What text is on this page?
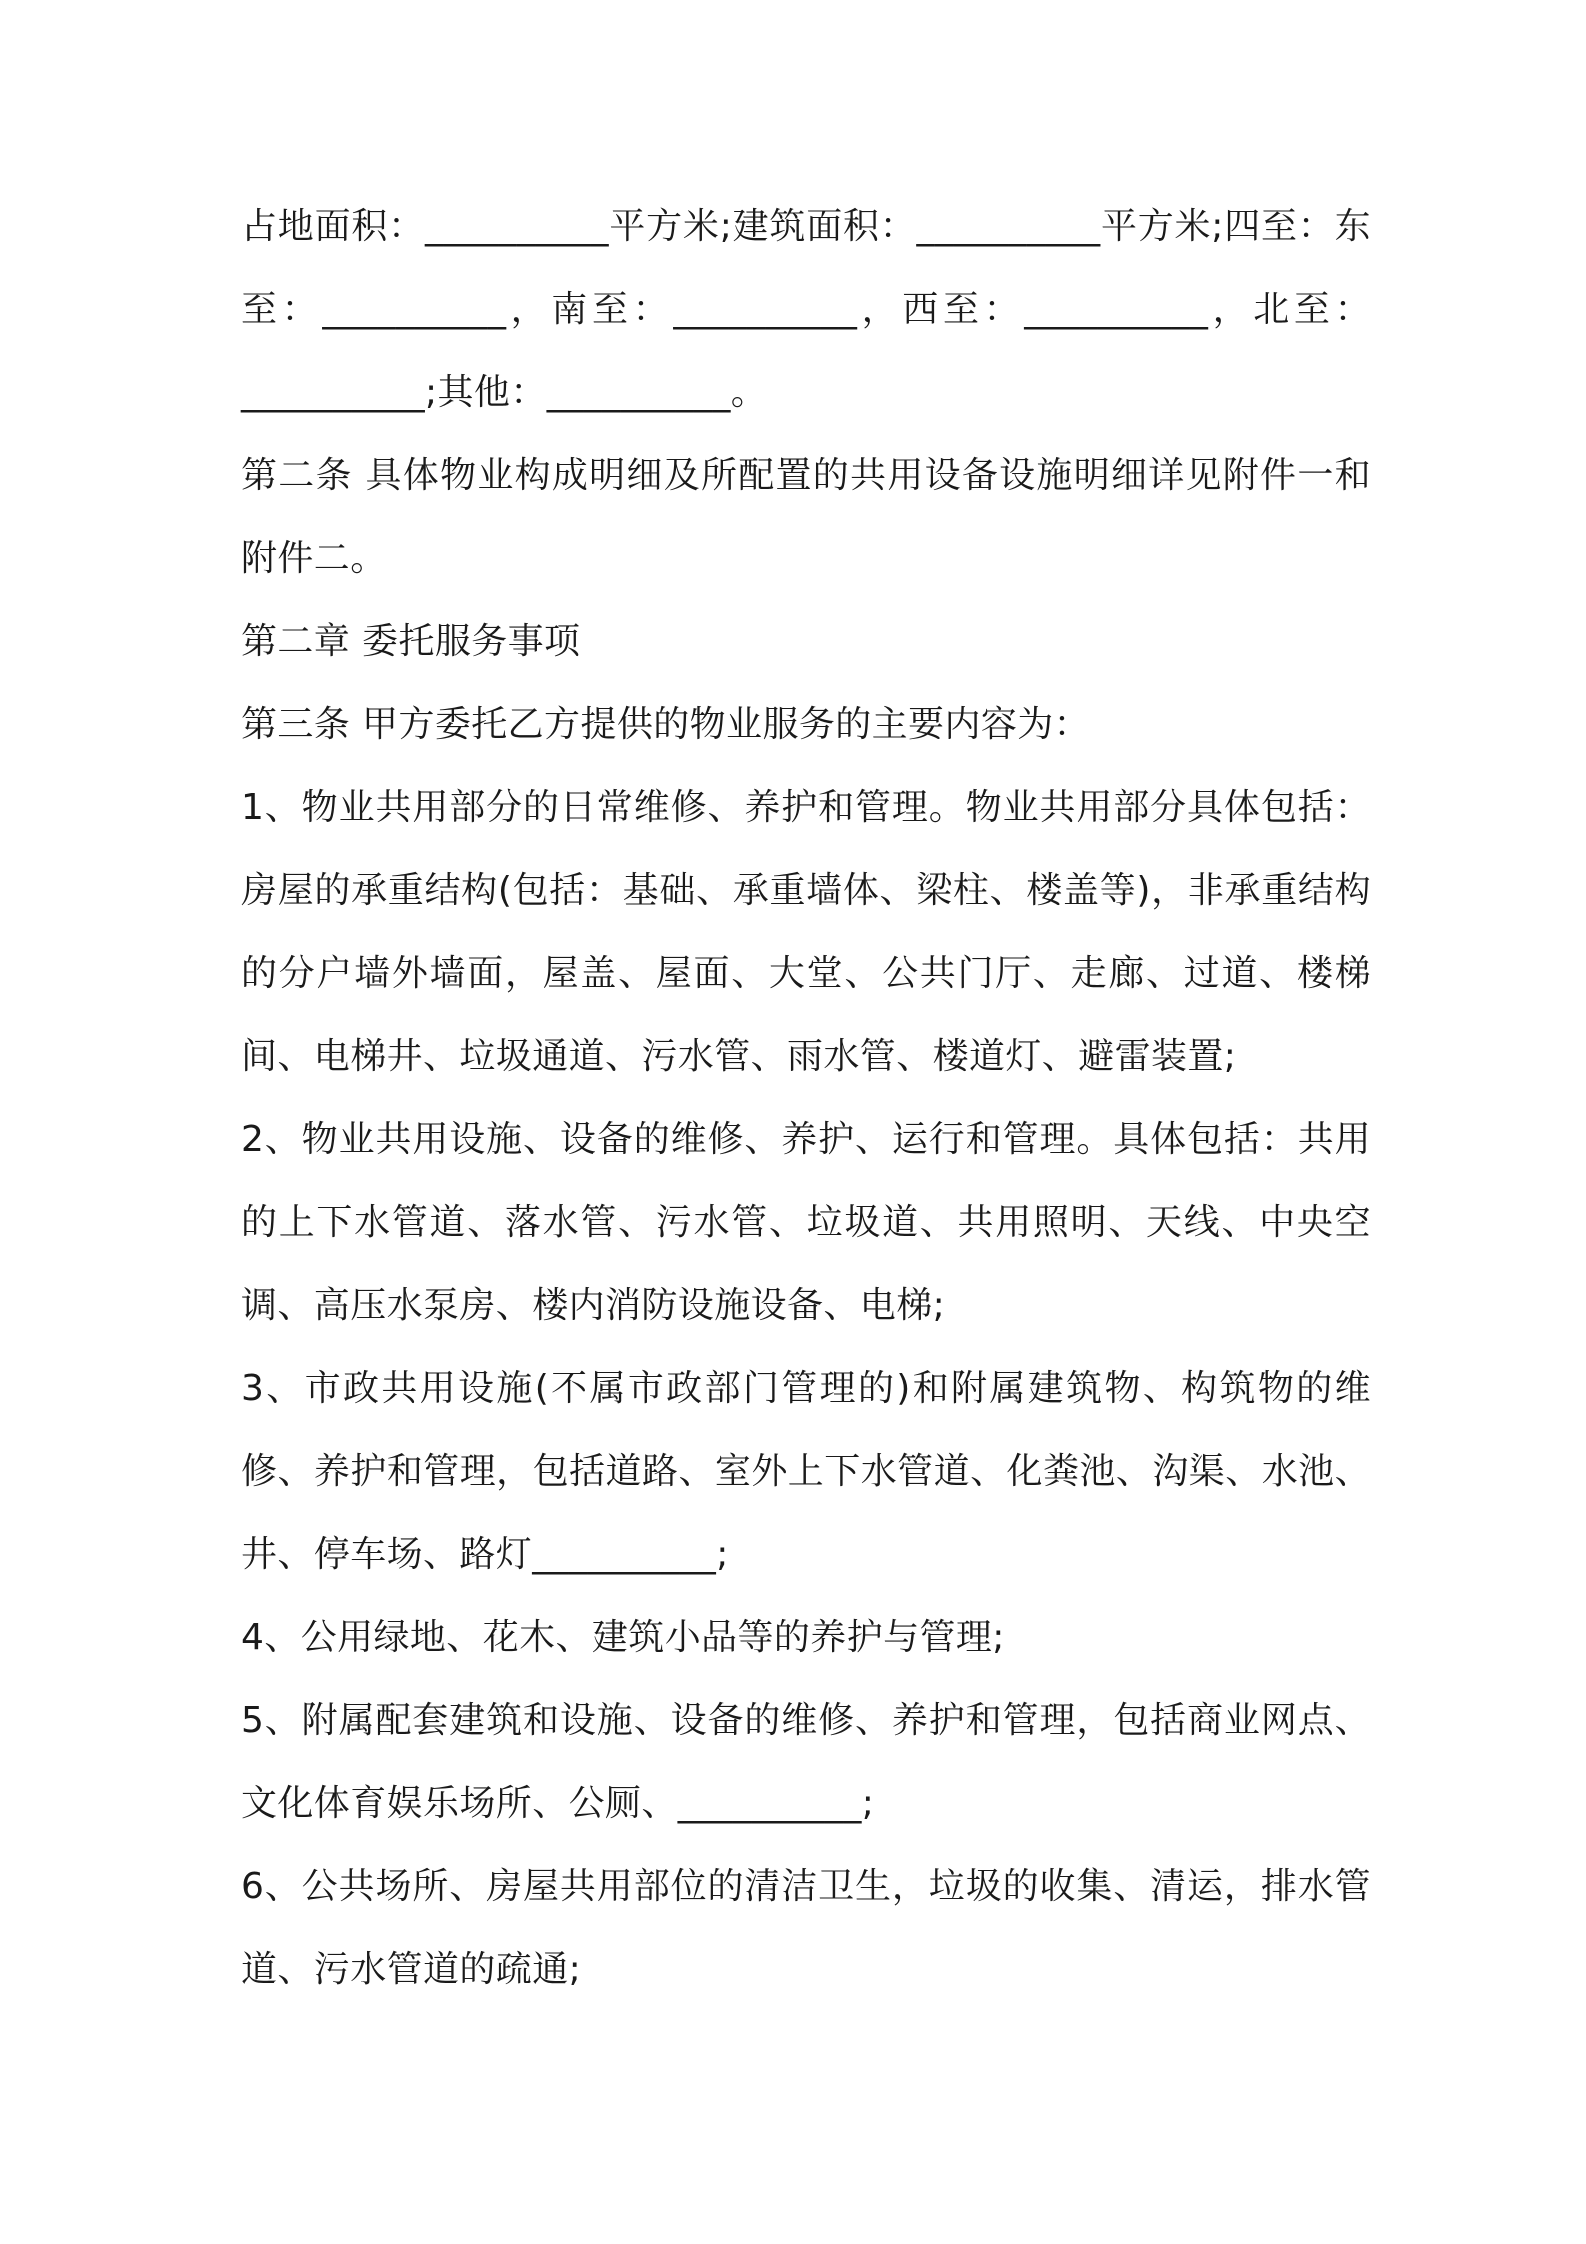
占地面积：__________平方米;建筑面积：__________平方米;四至：东至：__________，南至：__________，西至：__________，北至：__________;其他：__________。

第二条 具体物业构成明细及所配置的共用设备设施明细详见附件一和附件二。

第二章 委托服务事项

第三条 甲方委托乙方提供的物业服务的主要内容为：

1、物业共用部分的日常维修、养护和管理。物业共用部分具体包括：房屋的承重结构(包括：基础、承重墙体、梁柱、楼盖等)，非承重结构的分户墙外墙面，屋盖、屋面、大堂、公共门厅、走廊、过道、楼梯间、电梯井、垃圾通道、污水管、雨水管、楼道灯、避雷装置;

2、物业共用设施、设备的维修、养护、运行和管理。具体包括：共用的上下水管道、落水管、污水管、垃圾道、共用照明、天线、中央空调、高压水泵房、楼内消防设施设备、电梯;

3、市政共用设施(不属市政部门管理的)和附属建筑物、构筑物的维修、养护和管理，包括道路、室外上下水管道、化粪池、沟渠、水池、井、停车场、路灯__________;

4、公用绿地、花木、建筑小品等的养护与管理;

5、附属配套建筑和设施、设备的维修、养护和管理，包括商业网点、文化体育娱乐场所、公厕、__________;

6、公共场所、房屋共用部位的清洁卫生，垃圾的收集、清运，排水管道、污水管道的疏通;
